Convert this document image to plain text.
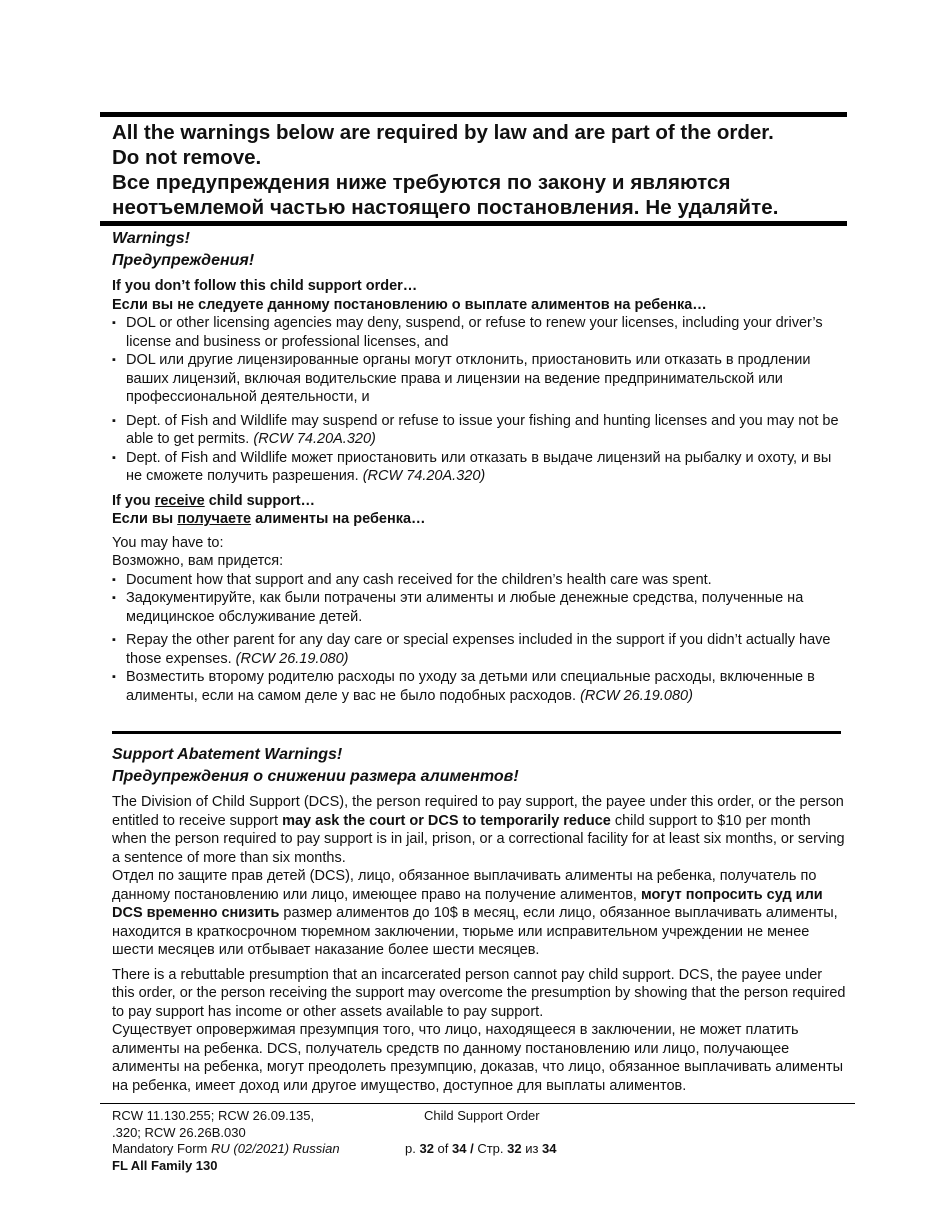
All the warnings below are required by law and are part of the order.
Do not remove.
Все предупреждения ниже требуются по закону и являются
неотъемлемой частью настоящего постановления. Не удаляйте.
Warnings!
Предупреждения!
If you don’t follow this child support order…
Если вы не следуете данному постановлению о выплате алиментов на ребенка…
▪ DOL or other licensing agencies may deny, suspend, or refuse to renew your licenses, including your driver’s license and business or professional licenses, and
▪ DOL или другие лицензированные органы могут отклонить, приостановить или отказать в продлении ваших лицензий, включая водительские права и лицензии на ведение предпринимательской или профессиональной деятельности, и
▪ Dept. of Fish and Wildlife may suspend or refuse to issue your fishing and hunting licenses and you may not be able to get permits. (RCW 74.20A.320)
▪ Dept. of Fish and Wildlife может приостановить или отказать в выдаче лицензий на рыбалку и охоту, и вы не сможете получить разрешения. (RCW 74.20A.320)
If you receive child support…
Если вы получаете алименты на ребенка…
You may have to:
Возможно, вам придется:
▪ Document how that support and any cash received for the children’s health care was spent.
▪ Задокументируйте, как были потрачены эти алименты и любые денежные средства, полученные на медицинское обслуживание детей.
▪ Repay the other parent for any day care or special expenses included in the support if you didn’t actually have those expenses. (RCW 26.19.080)
▪ Возместить второму родителю расходы по уходу за детьми или специальные расходы, включенные в алименты, если на самом деле у вас не было подобных расходов. (RCW 26.19.080)
Support Abatement Warnings!
Предупреждения о снижении размера алиментов!
The Division of Child Support (DCS), the person required to pay support, the payee under this order, or the person entitled to receive support may ask the court or DCS to temporarily reduce child support to $10 per month when the person required to pay support is in jail, prison, or a correctional facility for at least six months, or serving a sentence of more than six months.
Отдел по защите прав детей (DCS), лицо, обязанное выплачивать алименты на ребенка, получатель по данному постановлению или лицо, имеющее право на получение алиментов, могут попросить суд или DCS временно снизить размер алиментов до 10$ в месяц, если лицо, обязанное выплачивать алименты, находится в краткосрочном тюремном заключении, тюрьме или исправительном учреждении не менее шести месяцев или отбывает наказание более шести месяцев.
There is a rebuttable presumption that an incarcerated person cannot pay child support. DCS, the payee under this order, or the person receiving the support may overcome the presumption by showing that the person required to pay support has income or other assets available to pay support.
Существует опровержимая презумпция того, что лицо, находящееся в заключении, не может платить алименты на ребенка. DCS, получатель средств по данному постановлению или лицо, получающее алименты на ребенка, могут преодолеть презумпцию, доказав, что лицо, обязанное выплачивать алименты на ребенка, имеет доход или другое имущество, доступное для выплаты алиментов.
RCW 11.130.255; RCW 26.09.135,
.320; RCW 26.26B.030
Mandatory Form RU (02/2021) Russian
FL All Family 130
Child Support Order
p. 32 of 34 / Стр. 32 из 34
